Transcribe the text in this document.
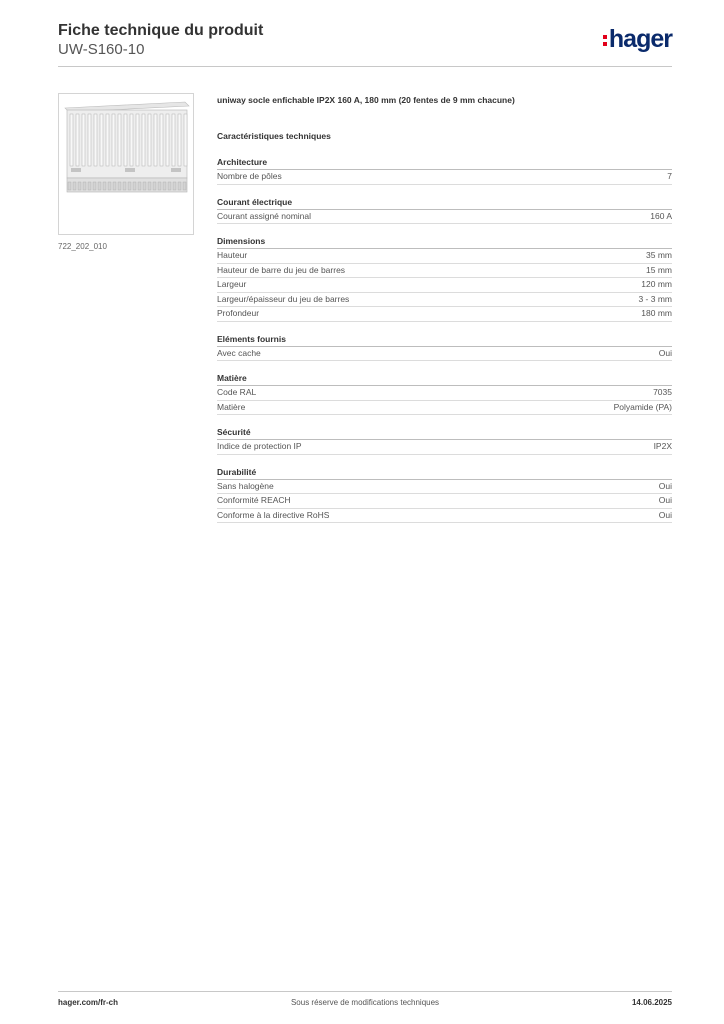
Fiche technique du produit
UW-S160-10	hager
722_202_010
uniway socle enfichable IP2X 160 A, 180 mm (20 fentes de 9 mm chacune)
Caractéristiques techniques
Architecture
Nombre de pôles	7
Courant électrique
Courant assigné nominal	160 A
Dimensions
Hauteur	35 mm
Hauteur de barre du jeu de barres	15 mm
Largeur	120 mm
Largeur/épaisseur du jeu de barres	3 - 3 mm
Profondeur	180 mm
Eléments fournis
Avec cache	Oui
Matière
Code RAL	7035
Matière	Polyamide (PA)
Sécurité
Indice de protection IP	IP2X
Durabilité
Sans halogène	Oui
Conformité REACH	Oui
Conforme à la directive RoHS	Oui
hager.com/fr-ch	Sous réserve de modifications techniques	14.06.2025
